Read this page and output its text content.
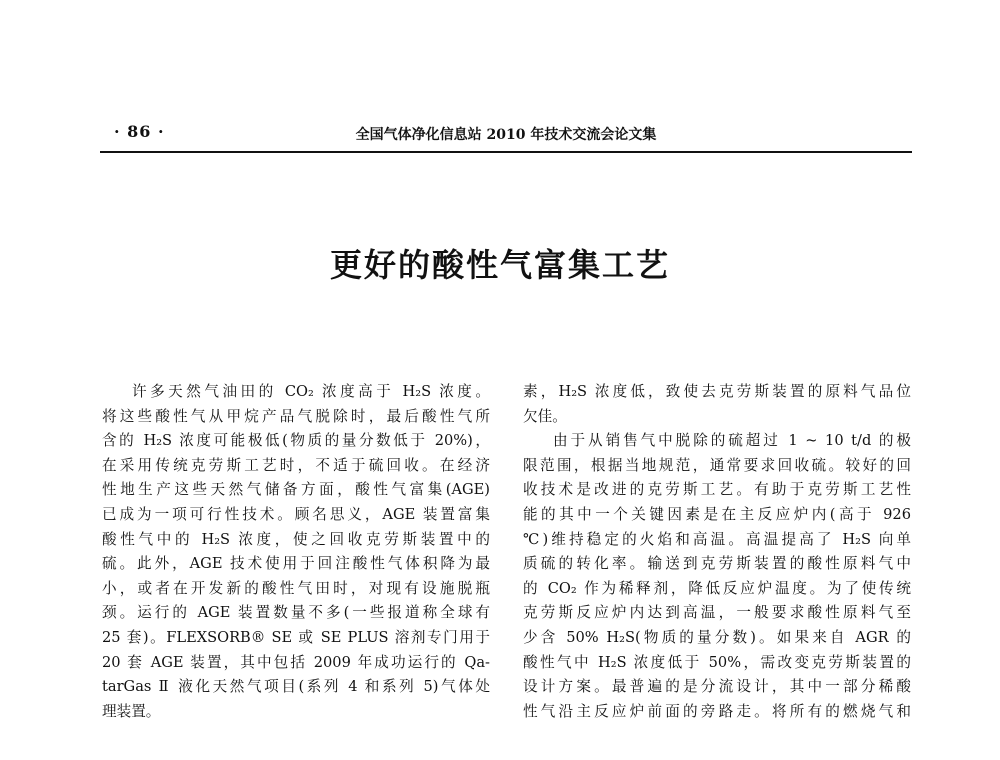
· 86 ·	全国气体净化信息站 2010 年技术交流会论文集
更好的酸性气富集工艺
许多天然气油田的 CO₂ 浓度高于 H₂S 浓度。
将这些酸性气从甲烷产品气脱除时，最后酸性气所
含的 H₂S 浓度可能极低(物质的量分数低于 20%)，
在采用传统克劳斯工艺时，不适于硫回收。在经济
性地生产这些天然气储备方面，酸性气富集(AGE)
已成为一项可行性技术。顾名思义，AGE 装置富集
酸性气中的 H₂S 浓度，使之回收克劳斯装置中的
硫。此外，AGE 技术使用于回注酸性气体积降为最
小，或者在开发新的酸性气田时，对现有设施脱瓶
颈。运行的 AGE 装置数量不多(一些报道称全球有
25 套)。FLEXSORB® SE 或 SE PLUS 溶剂专门用于
20 套 AGE 装置，其中包括 2009 年成功运行的 Qa-
tarGas Ⅱ 液化天然气项目(系列 4 和系列 5)气体处
理装置。
素，H₂S 浓度低，致使去克劳斯装置的原料气品位
欠佳。
由于从销售气中脱除的硫超过 1 ~ 10 t/d 的极
限范围，根据当地规范，通常要求回收硫。较好的回
收技术是改进的克劳斯工艺。有助于克劳斯工艺性
能的其中一个关键因素是在主反应炉内(高于 926
℃)维持稳定的火焰和高温。高温提高了 H₂S 向单
质硫的转化率。输送到克劳斯装置的酸性原料气中
的 CO₂ 作为稀释剂，降低反应炉温度。为了使传统
克劳斯反应炉内达到高温，一般要求酸性原料气至
少含 50% H₂S(物质的量分数)。如果来自 AGR 的
酸性气中 H₂S 浓度低于 50%，需改变克劳斯装置的
设计方案。最普遍的是分流设计，其中一部分稀酸
性气沿主反应炉前面的旁路走。将所有的燃烧气和
